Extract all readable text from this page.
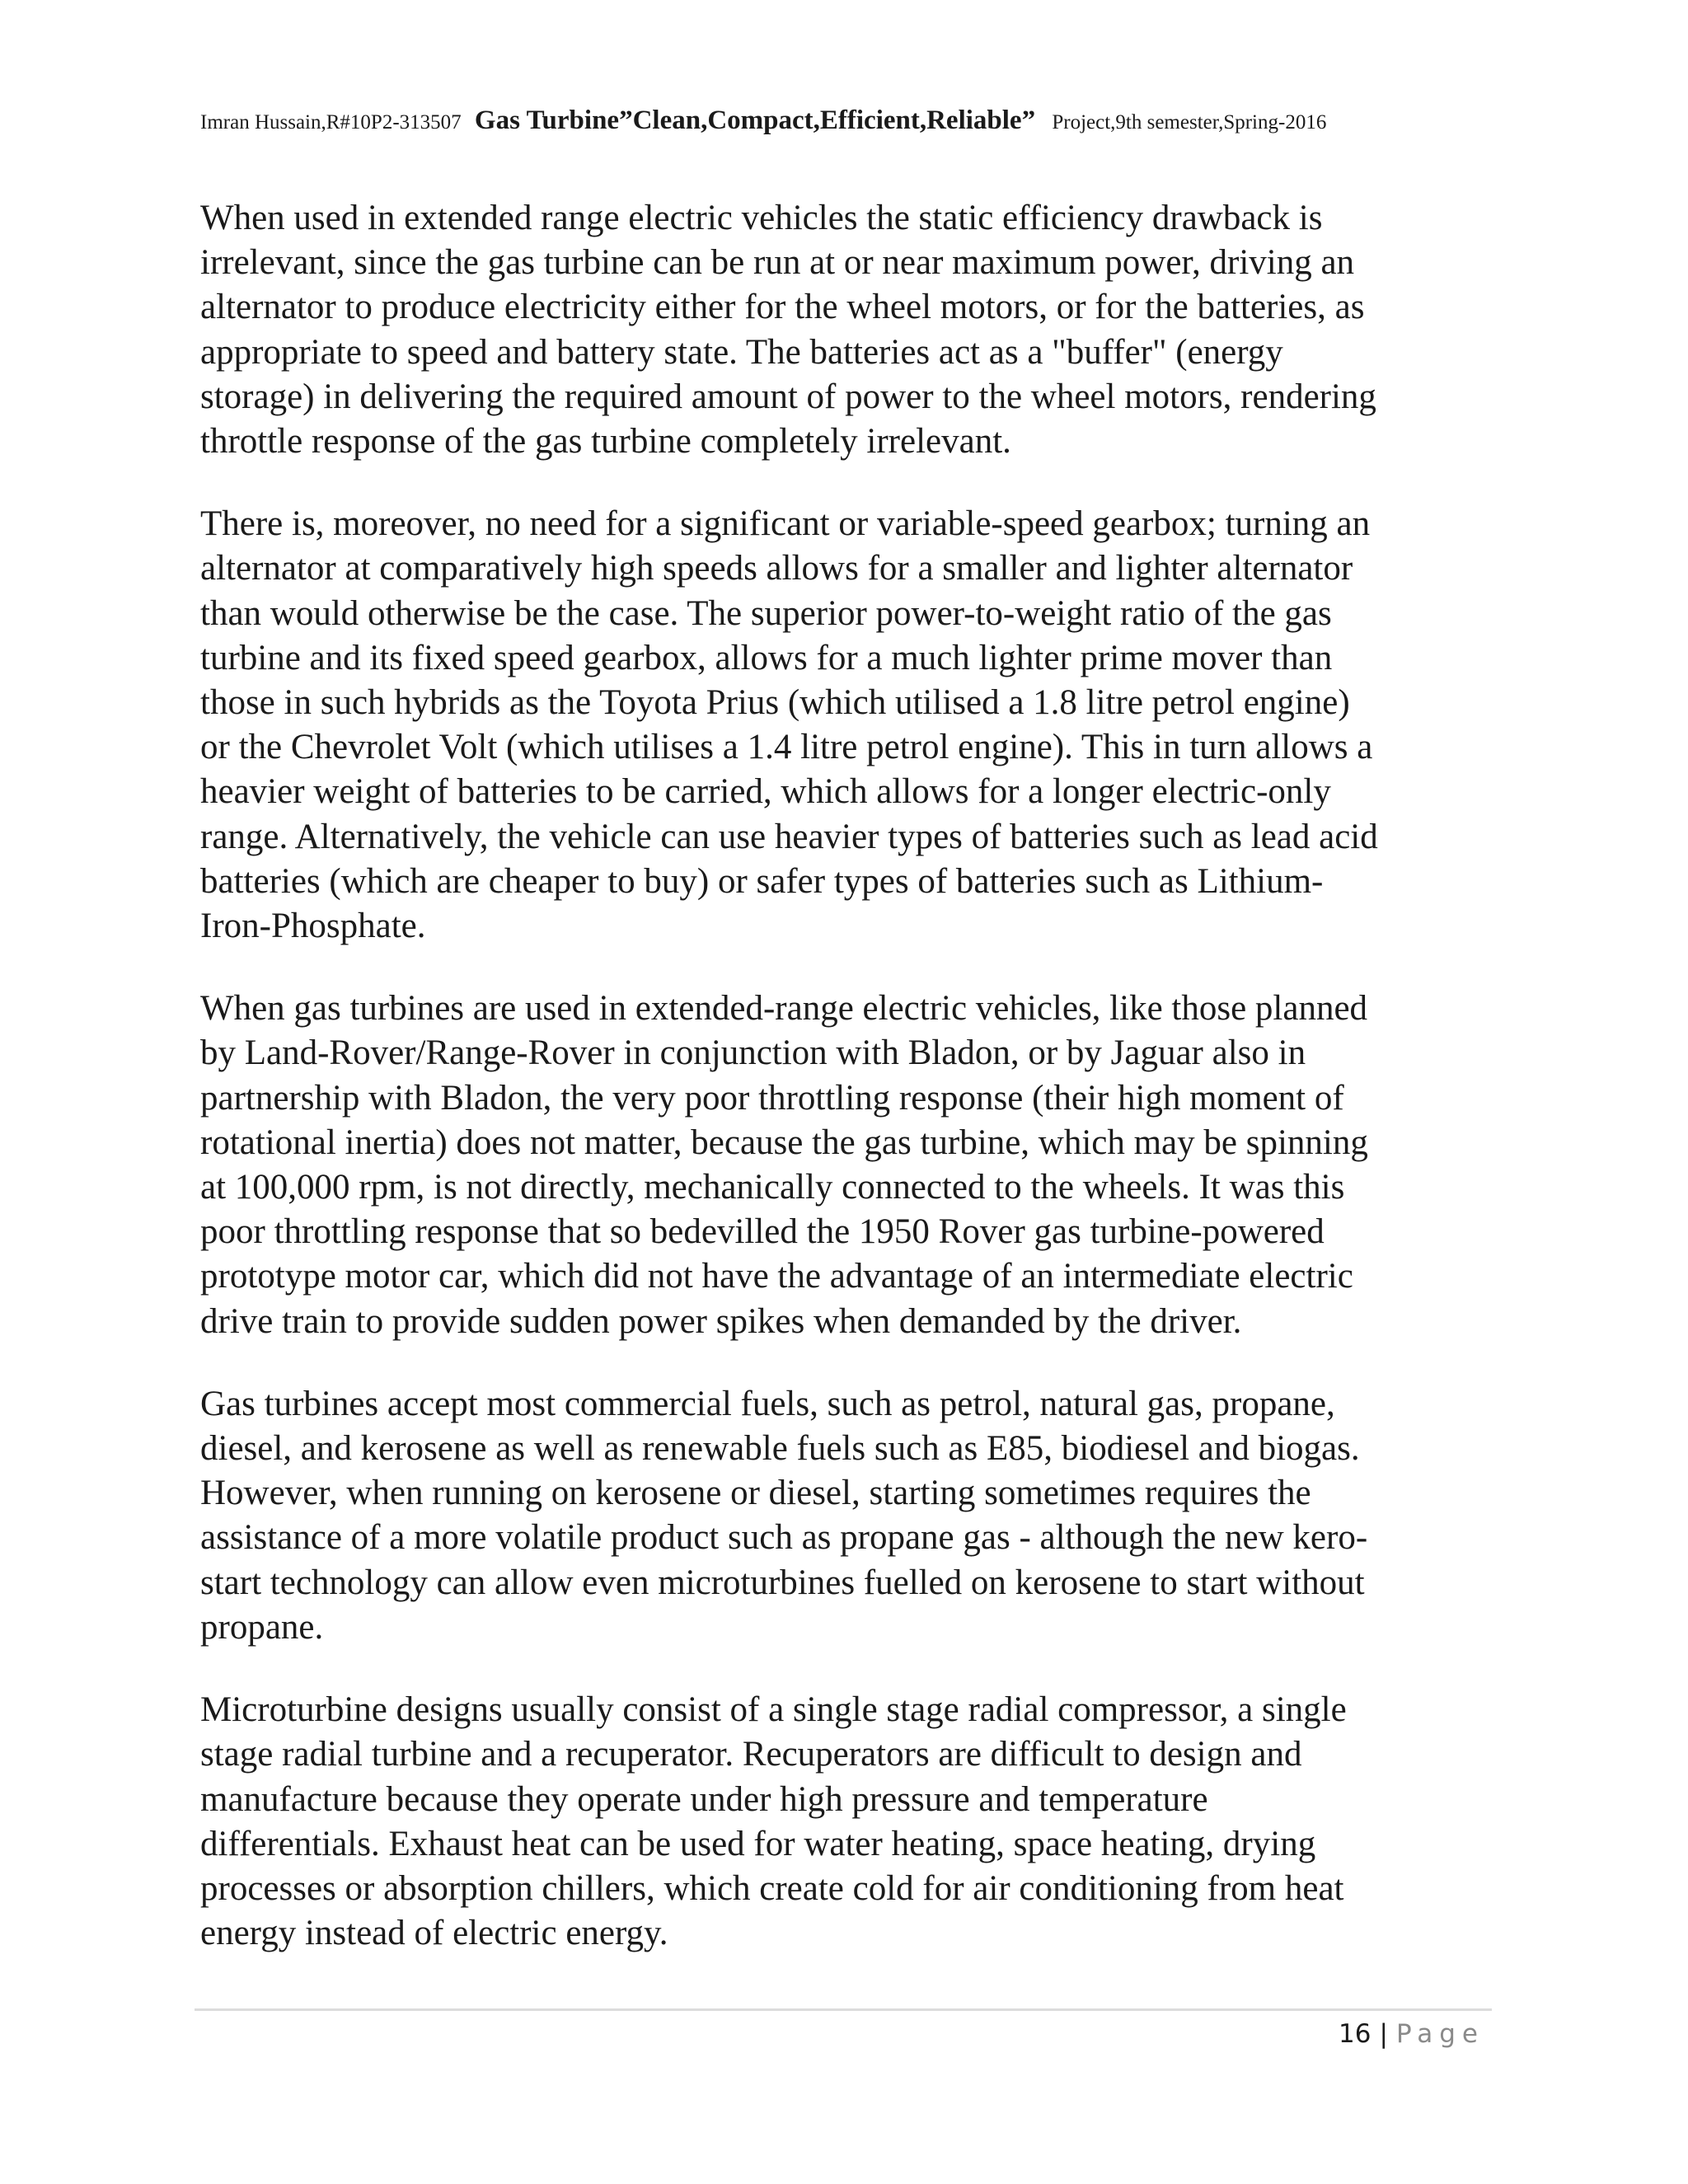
Imran Hussain,R#10P2-313507 Gas Turbine”Clean,Compact,Efficient,Reliable” Project,9th semester,Spring-2016

When used in extended range electric vehicles the static efficiency drawback is
irrelevant, since the gas turbine can be run at or near maximum power, driving an
alternator to produce electricity either for the wheel motors, or for the batteries, as
appropriate to speed and battery state. The batteries act as a "buffer" (energy
storage) in delivering the required amount of power to the wheel motors, rendering
throttle response of the gas turbine completely irrelevant.

There is, moreover, no need for a significant or variable-speed gearbox; turning an
alternator at comparatively high speeds allows for a smaller and lighter alternator
than would otherwise be the case. The superior power-to-weight ratio of the gas
turbine and its fixed speed gearbox, allows for a much lighter prime mover than
those in such hybrids as the Toyota Prius (which utilised a 1.8 litre petrol engine)
or the Chevrolet Volt (which utilises a 1.4 litre petrol engine). This in turn allows a
heavier weight of batteries to be carried, which allows for a longer electric-only
range. Alternatively, the vehicle can use heavier types of batteries such as lead acid
batteries (which are cheaper to buy) or safer types of batteries such as Lithium-
Iron-Phosphate.

When gas turbines are used in extended-range electric vehicles, like those planned
by Land-Rover/Range-Rover in conjunction with Bladon, or by Jaguar also in
partnership with Bladon, the very poor throttling response (their high moment of
rotational inertia) does not matter, because the gas turbine, which may be spinning
at 100,000 rpm, is not directly, mechanically connected to the wheels. It was this
poor throttling response that so bedevilled the 1950 Rover gas turbine-powered
prototype motor car, which did not have the advantage of an intermediate electric
drive train to provide sudden power spikes when demanded by the driver.

Gas turbines accept most commercial fuels, such as petrol, natural gas, propane,
diesel, and kerosene as well as renewable fuels such as E85, biodiesel and biogas.
However, when running on kerosene or diesel, starting sometimes requires the
assistance of a more volatile product such as propane gas - although the new kero-
start technology can allow even microturbines fuelled on kerosene to start without
propane.

Microturbine designs usually consist of a single stage radial compressor, a single
stage radial turbine and a recuperator. Recuperators are difficult to design and
manufacture because they operate under high pressure and temperature
differentials. Exhaust heat can be used for water heating, space heating, drying
processes or absorption chillers, which create cold for air conditioning from heat
energy instead of electric energy.

16 | Page
